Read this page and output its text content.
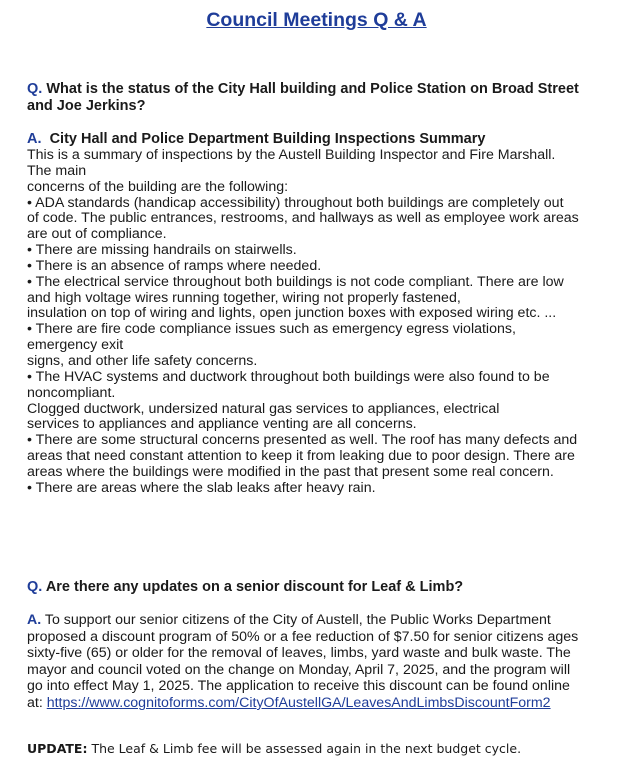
Council Meetings Q & A
Q. What is the status of the City Hall building and Police Station on Broad Street
and Joe Jerkins?
A. City Hall and Police Department Building Inspections Summary
This is a summary of inspections by the Austell Building Inspector and Fire Marshall.
The main
concerns of the building are the following:
• ADA standards (handicap accessibility) throughout both buildings are completely out
of code. The public entrances, restrooms, and hallways as well as employee work areas
are out of compliance.
• There are missing handrails on stairwells.
• There is an absence of ramps where needed.
• The electrical service throughout both buildings is not code compliant. There are low
and high voltage wires running together, wiring not properly fastened,
insulation on top of wiring and lights, open junction boxes with exposed wiring etc. ...
• There are fire code compliance issues such as emergency egress violations,
emergency exit
signs, and other life safety concerns.
• The HVAC systems and ductwork throughout both buildings were also found to be
noncompliant.
Clogged ductwork, undersized natural gas services to appliances, electrical
services to appliances and appliance venting are all concerns.
• There are some structural concerns presented as well. The roof has many defects and
areas that need constant attention to keep it from leaking due to poor design. There are
areas where the buildings were modified in the past that present some real concern.
• There are areas where the slab leaks after heavy rain.
Q. Are there any updates on a senior discount for Leaf & Limb?
A. To support our senior citizens of the City of Austell, the Public Works Department
proposed a discount program of 50% or a fee reduction of $7.50 for senior citizens ages
sixty-five (65) or older for the removal of leaves, limbs, yard waste and bulk waste. The
mayor and council voted on the change on Monday, April 7, 2025, and the program will
go into effect May 1, 2025. The application to receive this discount can be found online
at: https://www.cognitoforms.com/CityOfAustellGA/LeavesAndLimbsDiscountForm2
UPDATE: The Leaf & Limb fee will be assessed again in the next budget cycle.
